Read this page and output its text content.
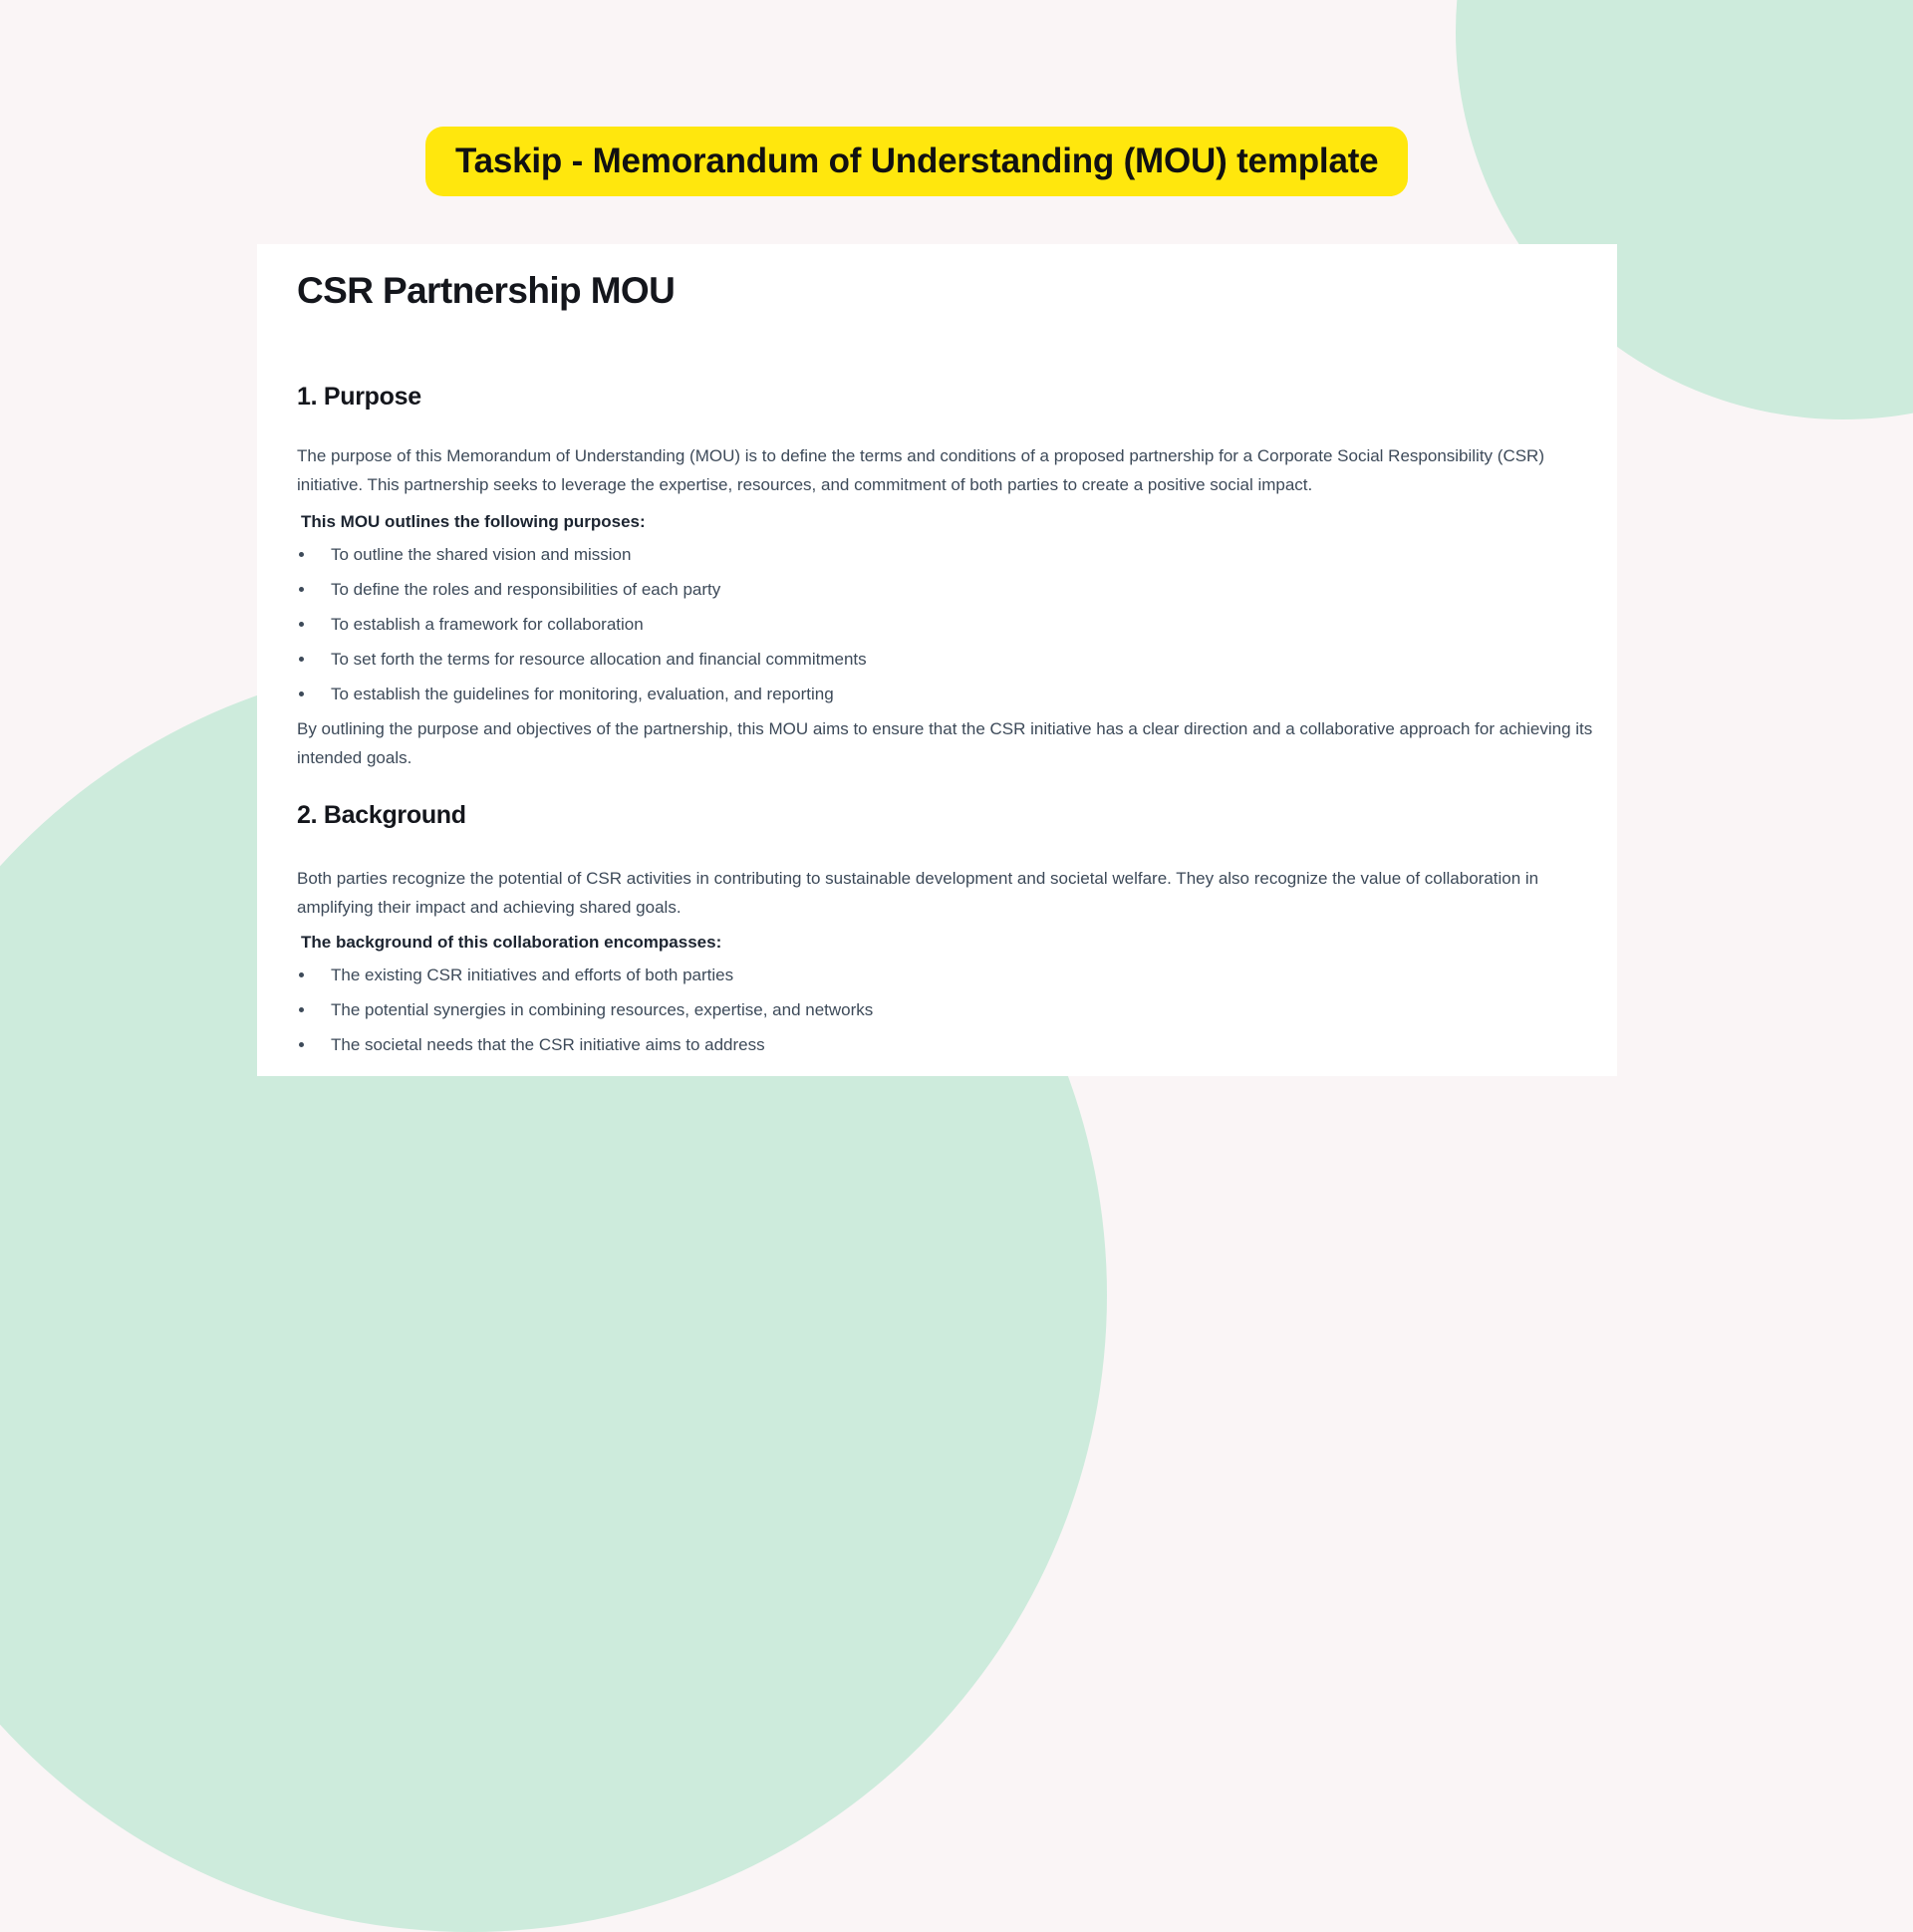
Taskip - Memorandum of Understanding (MOU) template
CSR Partnership MOU
1. Purpose

The purpose of this Memorandum of Understanding (MOU) is to define the terms and conditions of a proposed partnership for a Corporate Social Responsibility (CSR) initiative. This partnership seeks to leverage the expertise, resources, and commitment of both parties to create a positive social impact.

This MOU outlines the following purposes:

To outline the shared vision and mission
To define the roles and responsibilities of each party
To establish a framework for collaboration
To set forth the terms for resource allocation and financial commitments
To establish the guidelines for monitoring, evaluation, and reporting

By outlining the purpose and objectives of the partnership, this MOU aims to ensure that the CSR initiative has a clear direction and a collaborative approach for achieving its intended goals.

2. Background

Both parties recognize the potential of CSR activities in contributing to sustainable development and societal welfare. They also recognize the value of collaboration in amplifying their impact and achieving shared goals.

The background of this collaboration encompasses:

The existing CSR initiatives and efforts of both parties
The potential synergies in combining resources, expertise, and networks
The societal needs that the CSR initiative aims to address
